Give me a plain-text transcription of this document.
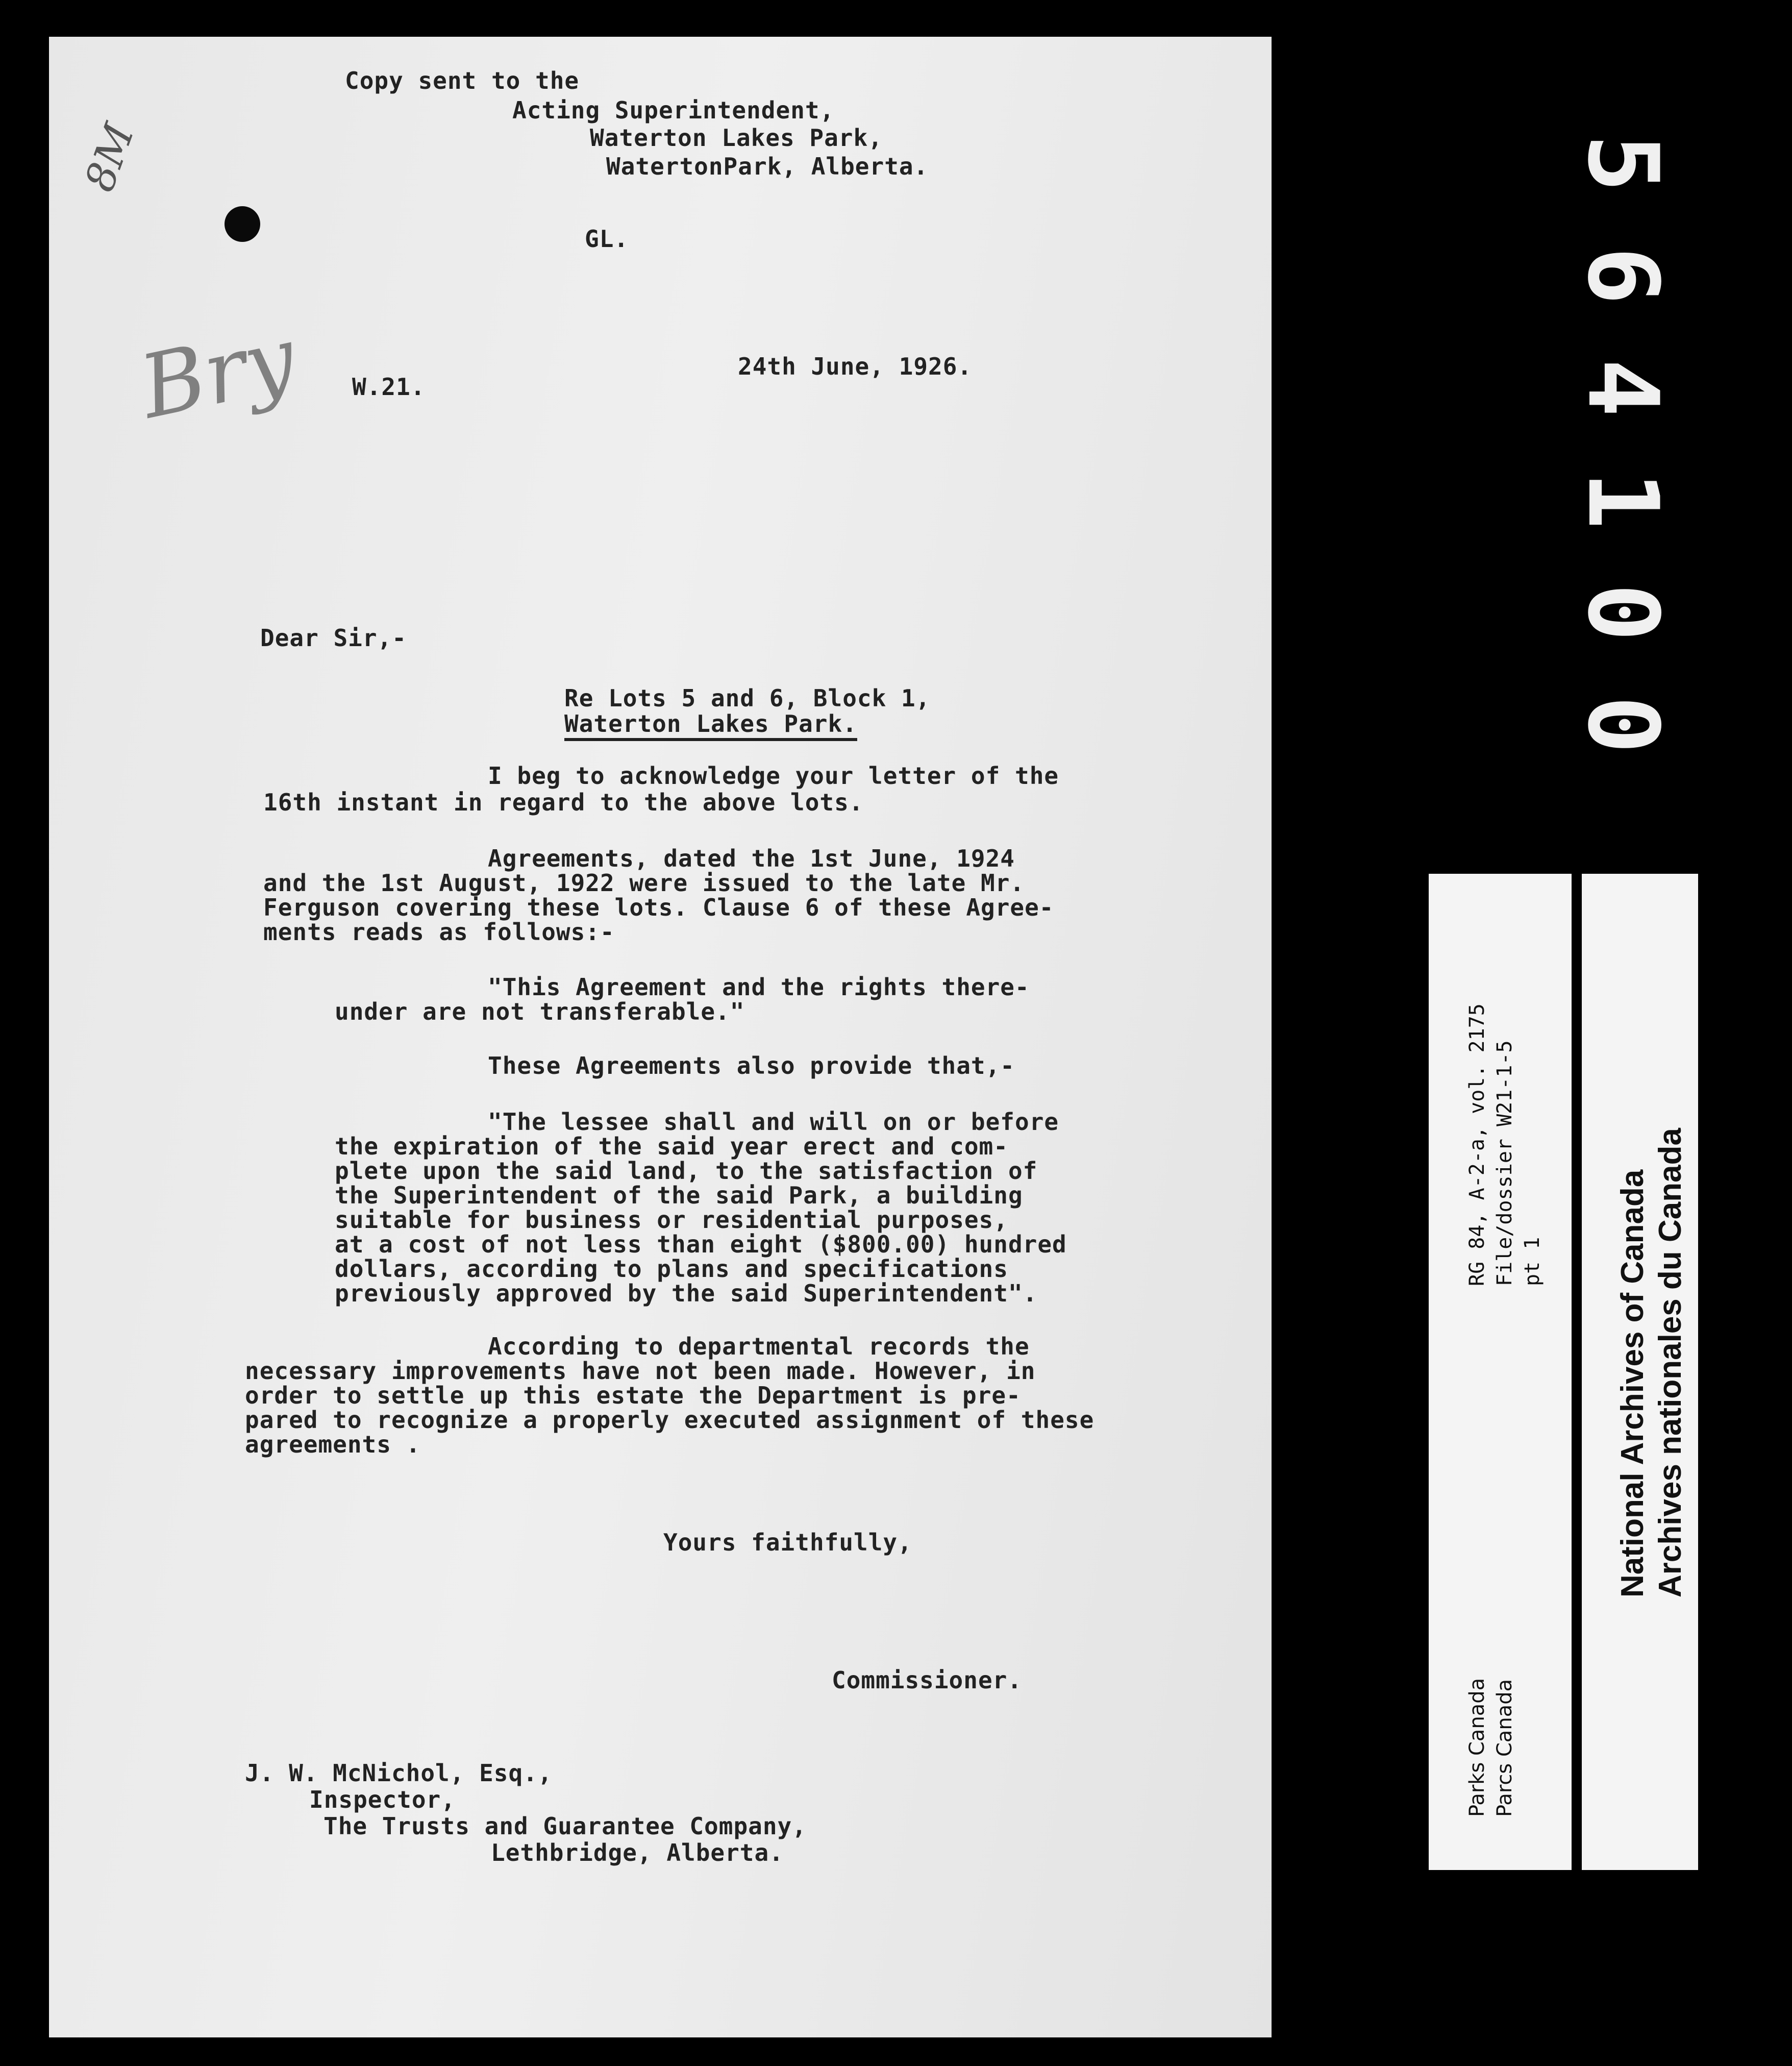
8M
Bry
Copy sent to the
Acting Superintendent,
Waterton Lakes Park,
WatertonPark, Alberta.
GL.
24th June, 1926.
W.21.
Dear Sir,-
Re Lots 5 and 6, Block 1,
Waterton Lakes Park.
I beg to acknowledge your letter of the
16th instant in regard to the above lots.
Agreements, dated the 1st June, 1924
and the 1st August, 1922 were issued to the late Mr.
Ferguson covering these lots. Clause 6 of these Agree-
ments reads as follows:-
"This Agreement and the rights there-
under are not transferable."
These Agreements also provide that,-
"The lessee shall and will on or before
the expiration of the said year erect and com-
plete upon the said land, to the satisfaction of
the Superintendent of the said Park, a building
suitable for business or residential purposes,
at a cost of not less than eight ($800.00) hundred
dollars, according to plans and specifications
previously approved by the said Superintendent".
According to departmental records the
necessary improvements have not been made. However, in
order to settle up this estate the Department is pre-
pared to recognize a properly executed assignment of these
agreements .
Yours faithfully,
Commissioner.
J. W. McNichol, Esq.,
Inspector,
The Trusts and Guarantee Company,
Lethbridge, Alberta.
5
6
4
1
0
0
RG 84, A-2-a, vol. 2175 File/dossier W21-1-5 pt 1
Parks Canada Parcs Canada
National Archives of Canada Archives nationales du Canada
